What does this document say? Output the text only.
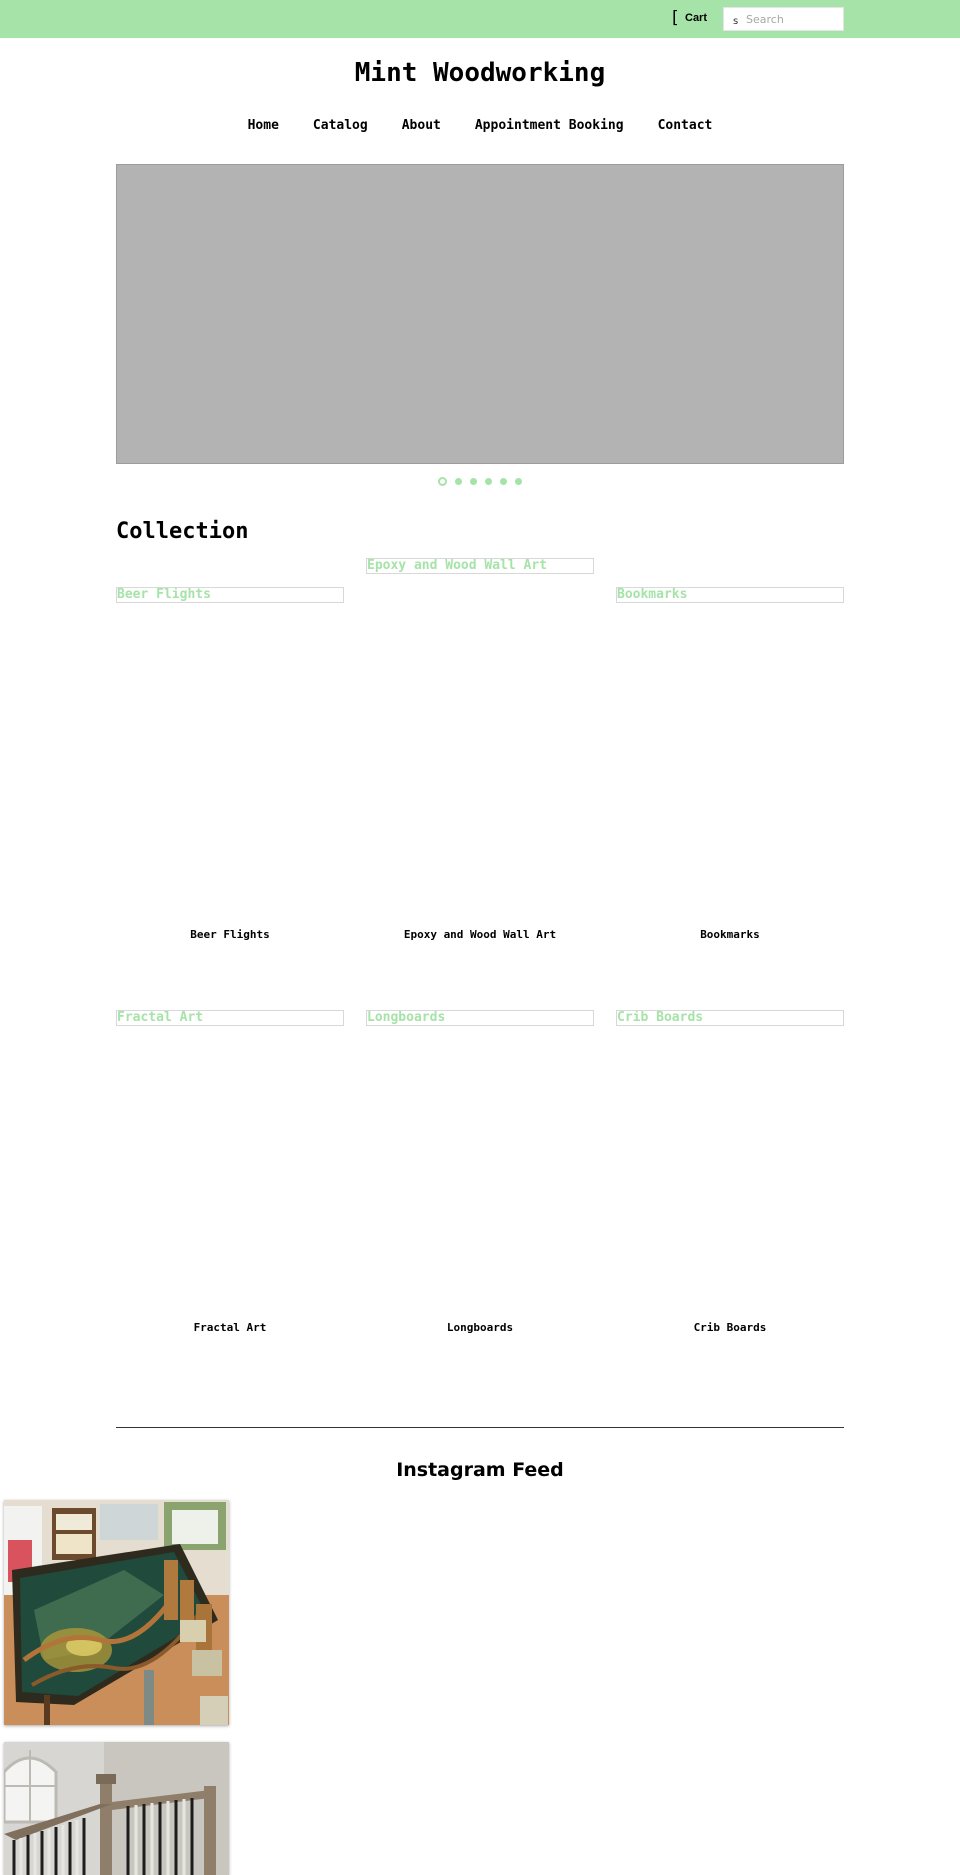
[ Cart	s
Search
Mint Woodworking
Home	Catalog	About	Appointment Booking	Contact
Collection
Beer Flights
Beer Flights
Epoxy and Wood Wall Art
Epoxy and Wood Wall Art
Bookmarks
Bookmarks
Fractal Art
Fractal Art
Longboards
Longboards
Crib Boards
Crib Boards
Instagram Feed
